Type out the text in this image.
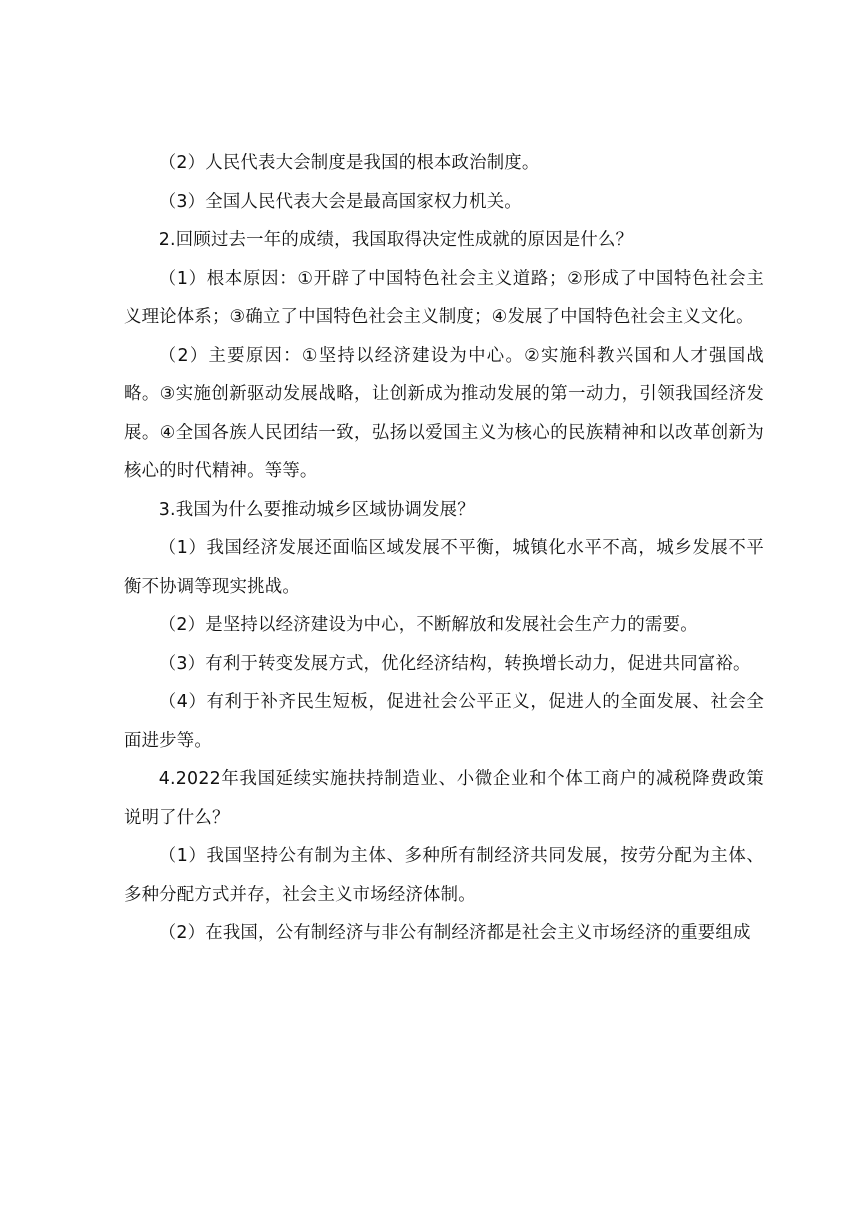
（2）人民代表大会制度是我国的根本政治制度。

（3）全国人民代表大会是最高国家权力机关。

2.回顾过去一年的成绩，我国取得决定性成就的原因是什么？

（1）根本原因：①开辟了中国特色社会主义道路；②形成了中国特色社会主义理论体系；③确立了中国特色社会主义制度；④发展了中国特色社会主义文化。

（2）主要原因：①坚持以经济建设为中心。②实施科教兴国和人才强国战略。③实施创新驱动发展战略，让创新成为推动发展的第一动力，引领我国经济发展。④全国各族人民团结一致，弘扬以爱国主义为核心的民族精神和以改革创新为核心的时代精神。等等。

3.我国为什么要推动城乡区域协调发展？

（1）我国经济发展还面临区域发展不平衡，城镇化水平不高，城乡发展不平衡不协调等现实挑战。

（2）是坚持以经济建设为中心，不断解放和发展社会生产力的需要。

（3）有利于转变发展方式，优化经济结构，转换增长动力，促进共同富裕。

（4）有利于补齐民生短板，促进社会公平正义，促进人的全面发展、社会全面进步等。

4.2022年我国延续实施扶持制造业、小微企业和个体工商户的减税降费政策说明了什么？

（1）我国坚持公有制为主体、多种所有制经济共同发展，按劳分配为主体、多种分配方式并存，社会主义市场经济体制。

（2）在我国，公有制经济与非公有制经济都是社会主义市场经济的重要组成
